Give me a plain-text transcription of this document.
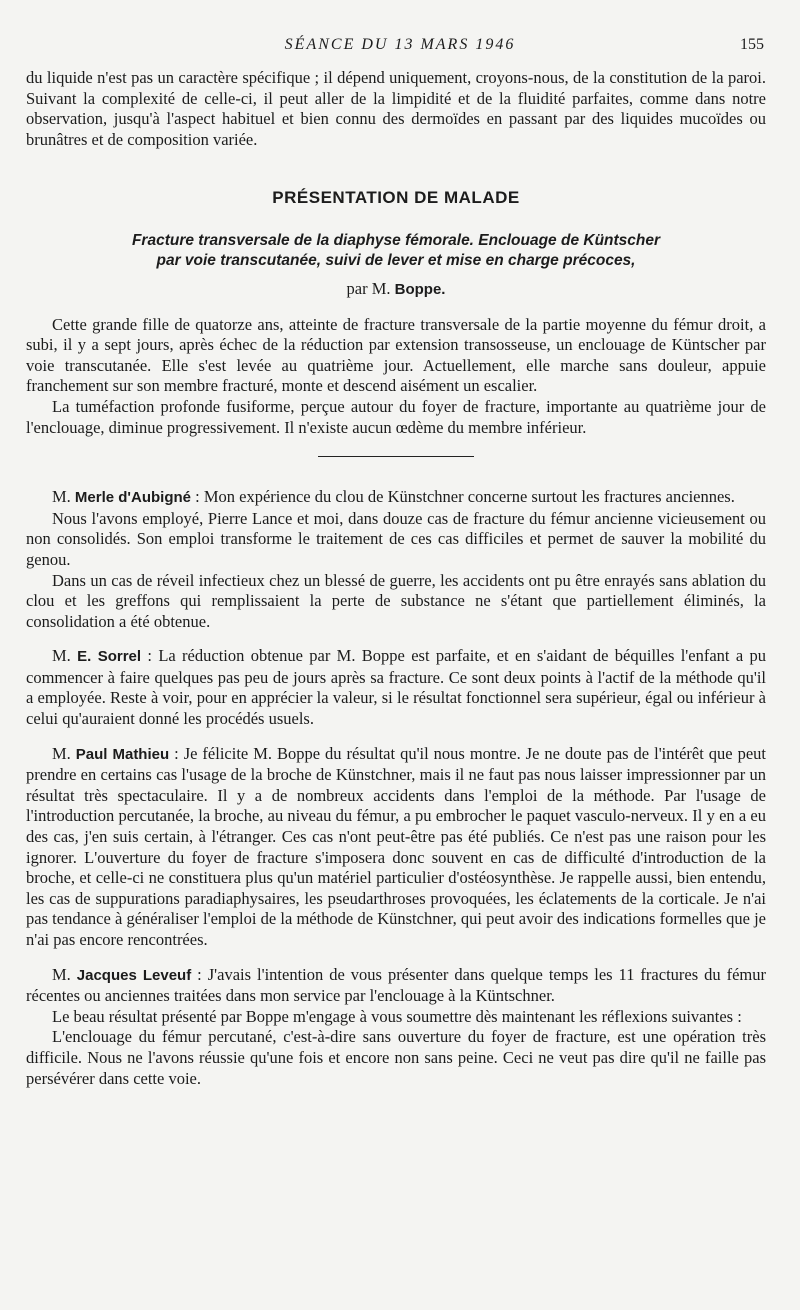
SÉANCE DU 13 MARS 1946	155

du liquide n'est pas un caractère spécifique ; il dépend uniquement, croyons-nous, de la constitution de la paroi. Suivant la complexité de celle-ci, il peut aller de la limpidité et de la fluidité parfaites, comme dans notre observation, jusqu'à l'aspect habituel et bien connu des dermoïdes en passant par des liquides mucoïdes ou brunâtres et de composition variée.

PRÉSENTATION DE MALADE

Fracture transversale de la diaphyse fémorale. Enclouage de Küntscher

par voie transcutanée, suivi de lever et mise en charge précoces,

par M. Boppe.

Cette grande fille de quatorze ans, atteinte de fracture transversale de la partie moyenne du fémur droit, a subi, il y a sept jours, après échec de la réduction par extension transosseuse, un enclouage de Küntscher par voie transcutanée. Elle s'est levée au quatrième jour. Actuellement, elle marche sans douleur, appuie franchement sur son membre fracturé, monte et descend aisément un escalier.

La tuméfaction profonde fusiforme, perçue autour du foyer de fracture, importante au quatrième jour de l'enclouage, diminue progressivement. Il n'existe aucun œdème du membre inférieur.

M. Merle d'Aubigné : Mon expérience du clou de Künstchner concerne surtout les fractures anciennes.

Nous l'avons employé, Pierre Lance et moi, dans douze cas de fracture du fémur ancienne vicieusement ou non consolidés. Son emploi transforme le traitement de ces cas difficiles et permet de sauver la mobilité du genou.

Dans un cas de réveil infectieux chez un blessé de guerre, les accidents ont pu être enrayés sans ablation du clou et les greffons qui remplissaient la perte de substance ne s'étant que partiellement éliminés, la consolidation a été obtenue.

M. E. Sorrel : La réduction obtenue par M. Boppe est parfaite, et en s'aidant de béquilles l'enfant a pu commencer à faire quelques pas peu de jours après sa fracture. Ce sont deux points à l'actif de la méthode qu'il a employée. Reste à voir, pour en apprécier la valeur, si le résultat fonctionnel sera supérieur, égal ou inférieur à celui qu'auraient donné les procédés usuels.

M. Paul Mathieu : Je félicite M. Boppe du résultat qu'il nous montre. Je ne doute pas de l'intérêt que peut prendre en certains cas l'usage de la broche de Künstchner, mais il ne faut pas nous laisser impressionner par un résultat très spectaculaire. Il y a de nombreux accidents dans l'emploi de la méthode. Par l'usage de l'introduction percutanée, la broche, au niveau du fémur, a pu embrocher le paquet vasculo-nerveux. Il y en a eu des cas, j'en suis certain, à l'étranger. Ces cas n'ont peut-être pas été publiés. Ce n'est pas une raison pour les ignorer. L'ouverture du foyer de fracture s'imposera donc souvent en cas de difficulté d'introduction de la broche, et celle-ci ne constituera plus qu'un matériel particulier d'ostéosynthèse. Je rappelle aussi, bien entendu, les cas de suppurations paradiaphysaires, les pseudarthroses provoquées, les éclatements de la corticale. Je n'ai pas tendance à généraliser l'emploi de la méthode de Künstchner, qui peut avoir des indications formelles que je n'ai pas encore rencontrées.

M. Jacques Leveuf : J'avais l'intention de vous présenter dans quelque temps les 11 fractures du fémur récentes ou anciennes traitées dans mon service par l'enclouage à la Küntschner.

Le beau résultat présenté par Boppe m'engage à vous soumettre dès maintenant les réflexions suivantes :

L'enclouage du fémur percutané, c'est-à-dire sans ouverture du foyer de fracture, est une opération très difficile. Nous ne l'avons réussie qu'une fois et encore non sans peine. Ceci ne veut pas dire qu'il ne faille pas persévérer dans cette voie.
